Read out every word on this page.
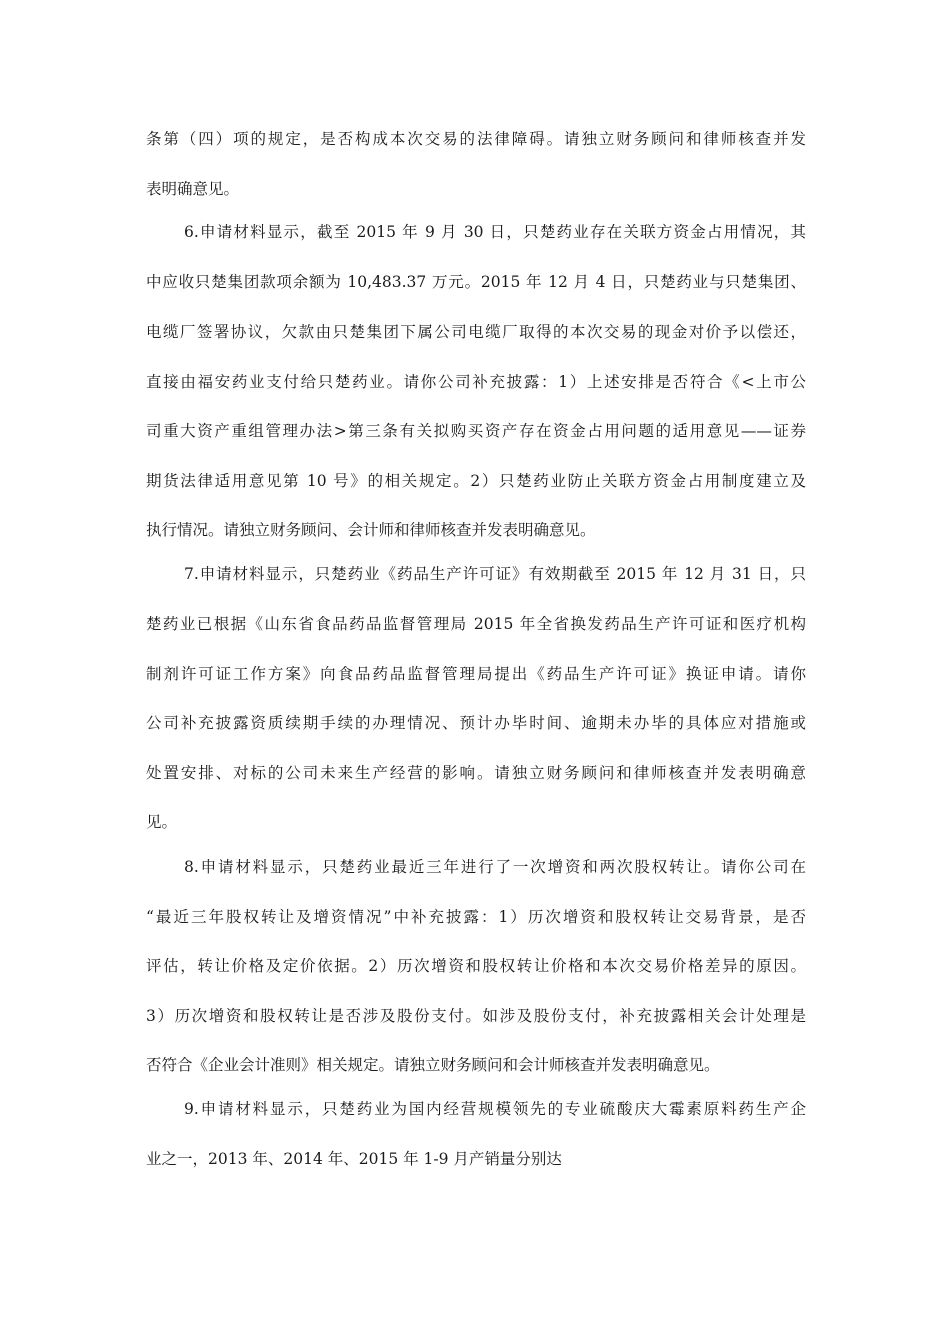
条第（四）项的规定，是否构成本次交易的法律障碍。请独立财务顾问和律师核查并发
表明确意见。
6.申请材料显示，截至 2015 年 9 月 30 日，只楚药业存在关联方资金占用情况，其
中应收只楚集团款项余额为 10,483.37 万元。2015 年 12 月 4 日，只楚药业与只楚集团、
电缆厂签署协议，欠款由只楚集团下属公司电缆厂取得的本次交易的现金对价予以偿还，
直接由福安药业支付给只楚药业。请你公司补充披露：1）上述安排是否符合《<上市公
司重大资产重组管理办法>第三条有关拟购买资产存在资金占用问题的适用意见——证券
期货法律适用意见第 10 号》的相关规定。2）只楚药业防止关联方资金占用制度建立及
执行情况。请独立财务顾问、会计师和律师核查并发表明确意见。
7.申请材料显示，只楚药业《药品生产许可证》有效期截至 2015 年 12 月 31 日，只
楚药业已根据《山东省食品药品监督管理局 2015 年全省换发药品生产许可证和医疗机构
制剂许可证工作方案》向食品药品监督管理局提出《药品生产许可证》换证申请。请你
公司补充披露资质续期手续的办理情况、预计办毕时间、逾期未办毕的具体应对措施或
处置安排、对标的公司未来生产经营的影响。请独立财务顾问和律师核查并发表明确意
见。
8.申请材料显示，只楚药业最近三年进行了一次增资和两次股权转让。请你公司在
“最近三年股权转让及增资情况”中补充披露：1）历次增资和股权转让交易背景，是否
评估，转让价格及定价依据。2）历次增资和股权转让价格和本次交易价格差异的原因。
3）历次增资和股权转让是否涉及股份支付。如涉及股份支付，补充披露相关会计处理是
否符合《企业会计准则》相关规定。请独立财务顾问和会计师核查并发表明确意见。
9.申请材料显示，只楚药业为国内经营规模领先的专业硫酸庆大霉素原料药生产企
业之一，2013 年、2014 年、2015 年 1-9 月产销量分别达
